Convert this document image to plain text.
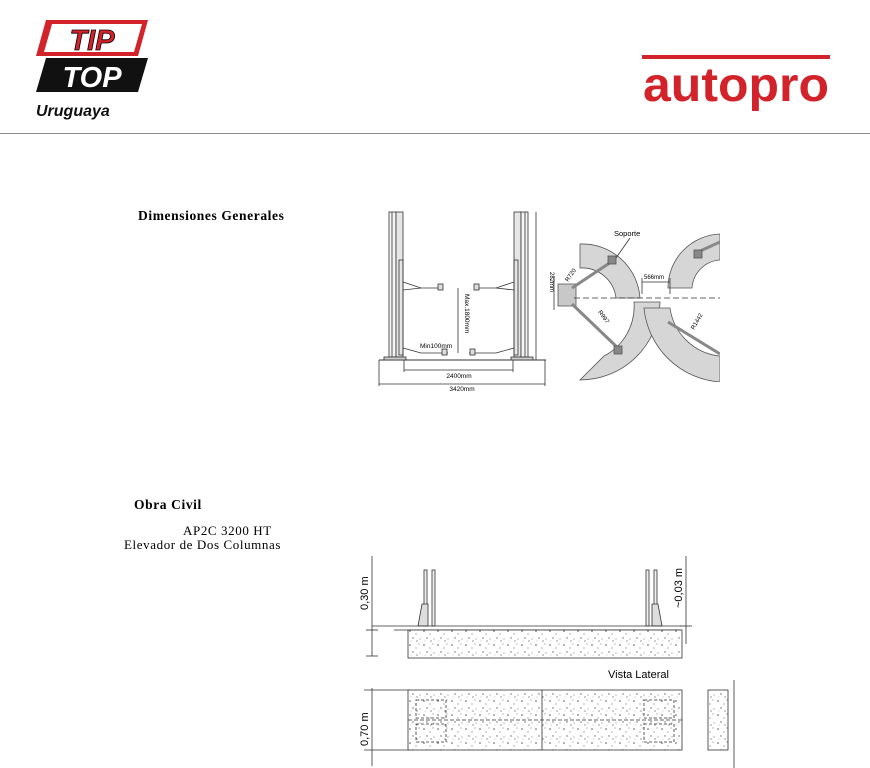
TIP
TOP
Uruguaya	autopro
Dimensiones Generales
Max.1800mm
Min100mm
2400mm
3420mm
Soporte
566mm
282mm R720
R997	R1442
Obra Civil
AP2C 3200 HT
Elevador de Dos Columnas
0,30 m	~0,03 m
Vista Lateral
0,70 m
